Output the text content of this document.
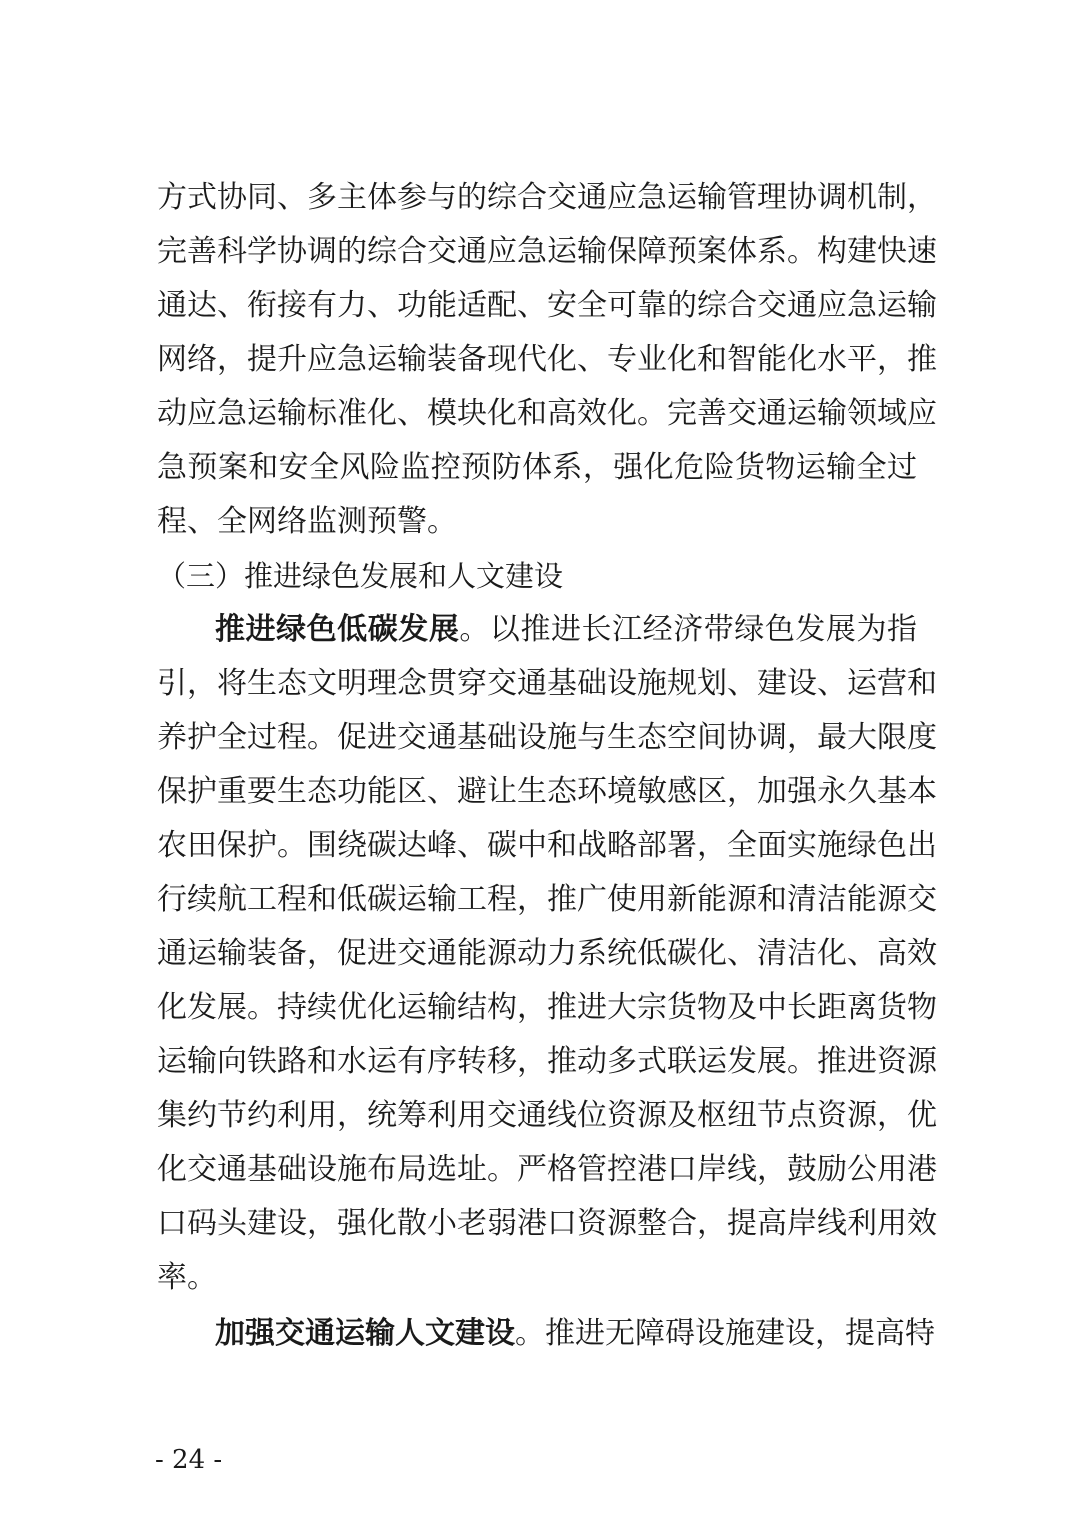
方式协同、多主体参与的综合交通应急运输管理协调机制，
完善科学协调的综合交通应急运输保障预案体系。构建快速
通达、衔接有力、功能适配、安全可靠的综合交通应急运输
网络，提升应急运输装备现代化、专业化和智能化水平，推
动应急运输标准化、模块化和高效化。完善交通运输领域应
急预案和安全风险监控预防体系，强化危险货物运输全过
程、全网络监测预警。
（三）推进绿色发展和人文建设
推进绿色低碳发展。以推进长江经济带绿色发展为指
引，将生态文明理念贯穿交通基础设施规划、建设、运营和
养护全过程。促进交通基础设施与生态空间协调，最大限度
保护重要生态功能区、避让生态环境敏感区，加强永久基本
农田保护。围绕碳达峰、碳中和战略部署，全面实施绿色出
行续航工程和低碳运输工程，推广使用新能源和清洁能源交
通运输装备，促进交通能源动力系统低碳化、清洁化、高效
化发展。持续优化运输结构，推进大宗货物及中长距离货物
运输向铁路和水运有序转移，推动多式联运发展。推进资源
集约节约利用，统筹利用交通线位资源及枢纽节点资源，优
化交通基础设施布局选址。严格管控港口岸线，鼓励公用港
口码头建设，强化散小老弱港口资源整合，提高岸线利用效
率。
加强交通运输人文建设。推进无障碍设施建设，提高特
- 24 -
